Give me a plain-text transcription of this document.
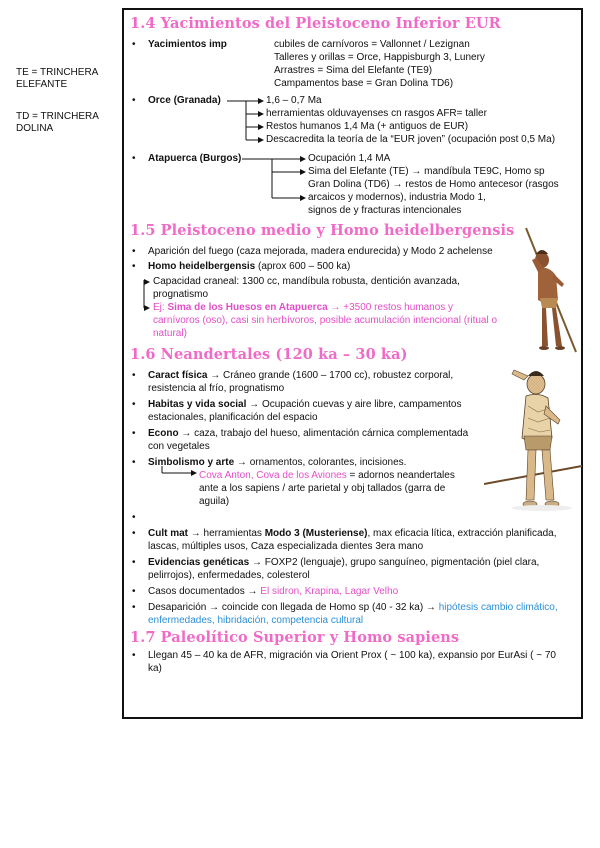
TE = TRINCHERA ELEFANTE
TD = TRINCHERA DOLINA
1.4 Yacimientos del Pleistoceno Inferior EUR
• Yacimientos imp	cubiles de carnívoros = Vallonnet / Lezignan
Talleres y orillas = Orce, Happisburgh 3, Lunery
Arrastres = Sima del Elefante (TE9)
Campamentos base = Gran Dolina TD6)
• Orce (Granada)	1,6 – 0,7 Ma
herramientas olduvayenses cn rasgos AFR= taller
Restos humanos 1,4 Ma (+ antiguos de EUR)
Descacredita la teoría de la “EUR joven” (ocupación post 0,5 Ma)
• Atapuerca (Burgos)	Ocupación 1,4 MA
Sima del Elefante (TE) → mandíbula TE9C, Homo sp
Gran Dolina (TD6) → restos de Homo antecesor (rasgos
arcaicos y modernos), industria Modo 1,
signos de y fracturas intencionales
1.5 Pleistoceno medio y Homo heidelbergensis
• Aparición del fuego (caza mejorada, madera endurecida) y Modo 2 achelense
• Homo heidelbergensis (aprox 600 – 500 ka)
Capacidad craneal: 1300 cc, mandíbula robusta, dentición avanzada,
prognatismo
Ej: Sima de los Huesos en Atapuerca → +3500 restos humanos y
carnívoros (oso), casi sin herbívoros, posible acumulación intencional (ritual o
natural)
1.6 Neandertales (120 ka – 30 ka)
• Caract física → Cráneo grande (1600 – 1700 cc), robustez corporal,
resistencia al frío, prognatismo
• Habitas y vida social → Ocupación cuevas y aire libre, campamentos
estacionales, planificación del espacio
• Econo → caza, trabajo del hueso, alimentación cárnica complementada
con vegetales
• Simbolismo y arte → ornamentos, colorantes, incisiones.
Cova Anton, Cova de los Aviones = adornos neandertales
ante a los sapiens / arte parietal y obj tallados (garra de
aguila)
•
• Cult mat → herramientas Modo 3 (Musteriense), max eficacia lítica, extracción planificada,
lascas, múltiples usos, Caza especializada dientes 3era mano
• Evidencias genéticas → FOXP2 (lenguaje), grupo sanguíneo, pigmentación (piel clara,
pelirrojos), enfermedades, colesterol
• Casos documentados → El sidron, Krapina, Lagar Velho
• Desaparición → coincide con llegada de Homo sp (40 - 32 ka) → hipótesis cambio climático,
enfermedades, hibridación, competencia cultural
1.7 Paleolítico Superior y Homo sapiens
• Llegan 45 – 40 ka de AFR, migración via Orient Prox ( ~ 100 ka), expansio por EurAsi ( ~ 70
ka)
